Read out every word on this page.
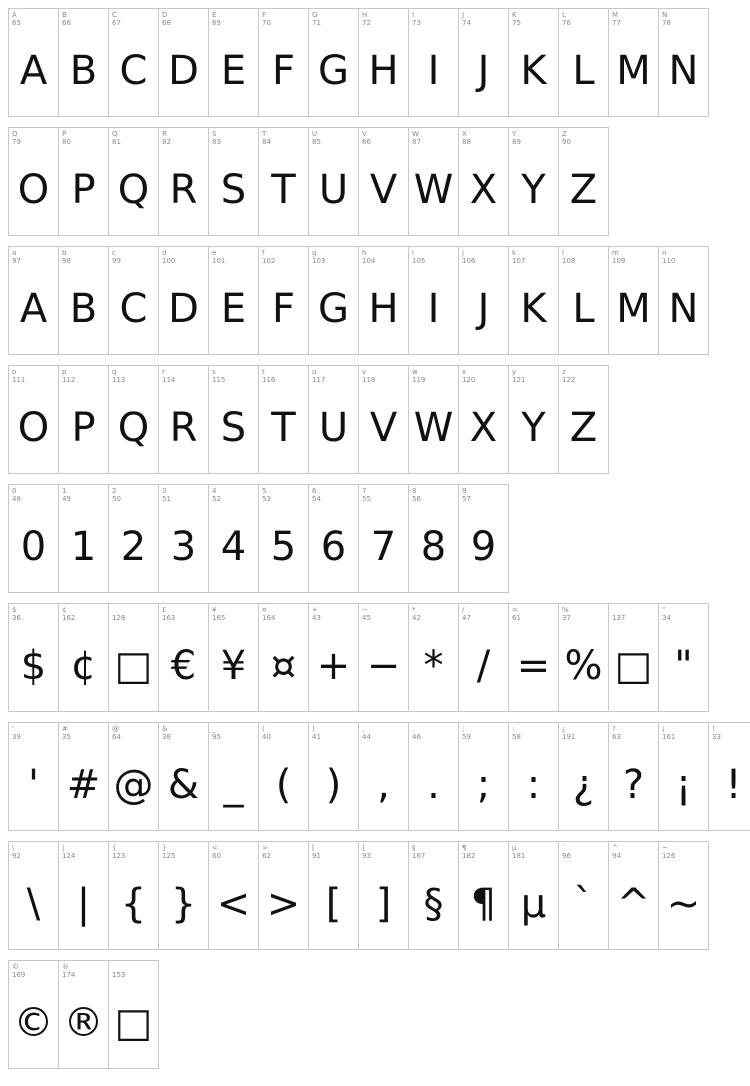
A
65
A
B
66
B
C
67
C
D
68
D
E
69
E
F
70
F
G
71
G
H
72
H
I
73
I
J
74
J
K
75
K
L
76
L
M
77
M
N
78
N
O
79
O
P
80
P
Q
81
Q
R
82
R
S
83
S
T
84
T
U
85
U
V
86
V
W
87
W
X
88
X
Y
89
Y
Z
90
Z
a
97
A
b
98
B
c
99
C
d
100
D
e
101
E
f
102
F
g
103
G
h
104
H
i
105
I
j
106
J
k
107
K
l
108
L
m
109
M
n
110
N
o
111
O
p
112
P
q
113
Q
r
114
R
s
115
S
t
116
T
u
117
U
v
118
V
w
119
W
x
120
X
y
121
Y
z
122
Z
0
48
0
1
49
1
2
50
2
3
51
3
4
52
4
5
53
5
6
54
6
7
55
7
8
56
8
9
57
9
$
36
$
¢
162
¢
128
□
£
163
€
¥
165
¥
¤
164
¤
+
43
+
−
45
−
*
42
*
/
47
/
=
61
=
%
37
%
137
□
"
34
"
'
39
'
#
35
#
@
64
@
&
38
&
_
95
_
(
40
(
)
41
)
,
44
,
.
46
.
;
59
;
:
58
:
¿
191
¿
?
63
?
¡
161
¡
!
33
!
\
92
\
|
124
|
{
123
{
}
125
}
<
60
<
>
62
>
[
91
[
]
93
]
§
167
§
¶
182
¶
µ
181
µ
`
96
`
^
94
^
~
126
~
©
169
©
®
174
®
153
□
